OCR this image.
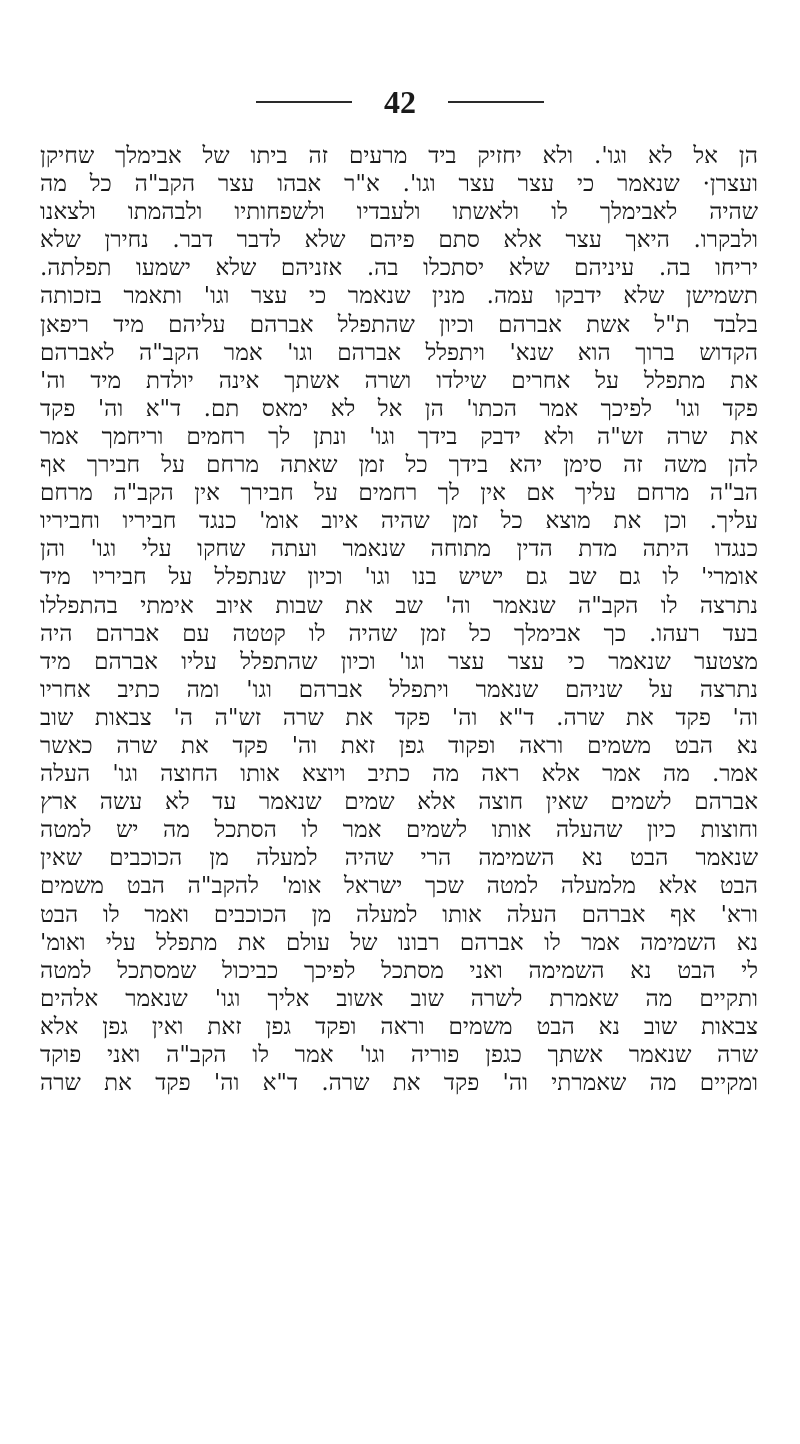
42
הן אל לא וגו'. ולא יחזיק ביד מרעים זה ביתו של אבימלך שחיקן
ועצרן· שנאמר כי עצר עצר וגו'. א"ר אבהו עצר הקב"ה כל מה
שהיה לאבימלך לו ולאשתו ולעבדיו ולשפחותיו ולבהמתו ולצאנו
ולבקרו. היאך עצר אלא סתם פיהם שלא לדבר דבר. נחירן שלא
יריחו בה. עיניהם שלא יסתכלו בה. אזניהם שלא ישמעו תפלתה.
תשמישן שלא ידבקו עמה. מנין שנאמר כי עצר וגו' ותאמר בזכותה
בלבד ת"ל אשת אברהם וכיון שהתפלל אברהם עליהם מיד ריפאן
הקדוש ברוך הוא שנא' ויתפלל אברהם וגו' אמר הקב"ה לאברהם
את מתפלל על אחרים שילדו ושרה אשתך אינה יולדת מיד וה'
פקד וגו' לפיכך אמר הכתו' הן אל לא ימאס תם. ד"א וה' פקד
את שרה זש"ה ולא ידבק בידך וגו' ונתן לך רחמים וריחמך אמר
להן משה זה סימן יהא בידך כל זמן שאתה מרחם על חבירך אף
הב"ה מרחם עליך אם אין לך רחמים על חבירך אין הקב"ה מרחם
עליך. וכן את מוצא כל זמן שהיה איוב אומ' כנגד חביריו וחביריו
כנגדו היתה מדת הדין מתוחה שנאמר ועתה שחקו עלי וגו' והן
אומרי' לו גם שב גם ישיש בנו וגו' וכיון שנתפלל על חביריו מיד
נתרצה לו הקב"ה שנאמר וה' שב את שבות איוב אימתי בהתפללו
בעד רעהו. כך אבימלך כל זמן שהיה לו קטטה עם אברהם היה
מצטער שנאמר כי עצר עצר וגו' וכיון שהתפלל עליו אברהם מיד
נתרצה על שניהם שנאמר ויתפלל אברהם וגו' ומה כתיב אחריו
וה' פקד את שרה. ד"א וה' פקד את שרה זש"ה ה' צבאות שוב
נא הבט משמים וראה ופקוד גפן זאת וה' פקד את שרה כאשר
אמר. מה אמר אלא ראה מה כתיב ויוצא אותו החוצה וגו' העלה
אברהם לשמים שאין חוצה אלא שמים שנאמר עד לא עשה ארץ
וחוצות כיון שהעלה אותו לשמים אמר לו הסתכל מה יש למטה
שנאמר הבט נא השמימה הרי שהיה למעלה מן הכוכבים שאין
הבט אלא מלמעלה למטה שכך ישראל אומ' להקב"ה הבט משמים
ורא' אף אברהם העלה אותו למעלה מן הכוכבים ואמר לו הבט
נא השמימה אמר לו אברהם רבונו של עולם את מתפלל עלי ואומ'
לי הבט נא השמימה ואני מסתכל לפיכך כביכול שמסתכל למטה
ותקיים מה שאמרת לשרה שוב אשוב אליך וגו' שנאמר אלהים
צבאות שוב נא הבט משמים וראה ופקד גפן זאת ואין גפן אלא
שרה שנאמר אשתך כגפן פוריה וגו' אמר לו הקב"ה ואני פוקד
ומקיים מה שאמרתי וה' פקד את שרה. ד"א וה' פקד את שרה
